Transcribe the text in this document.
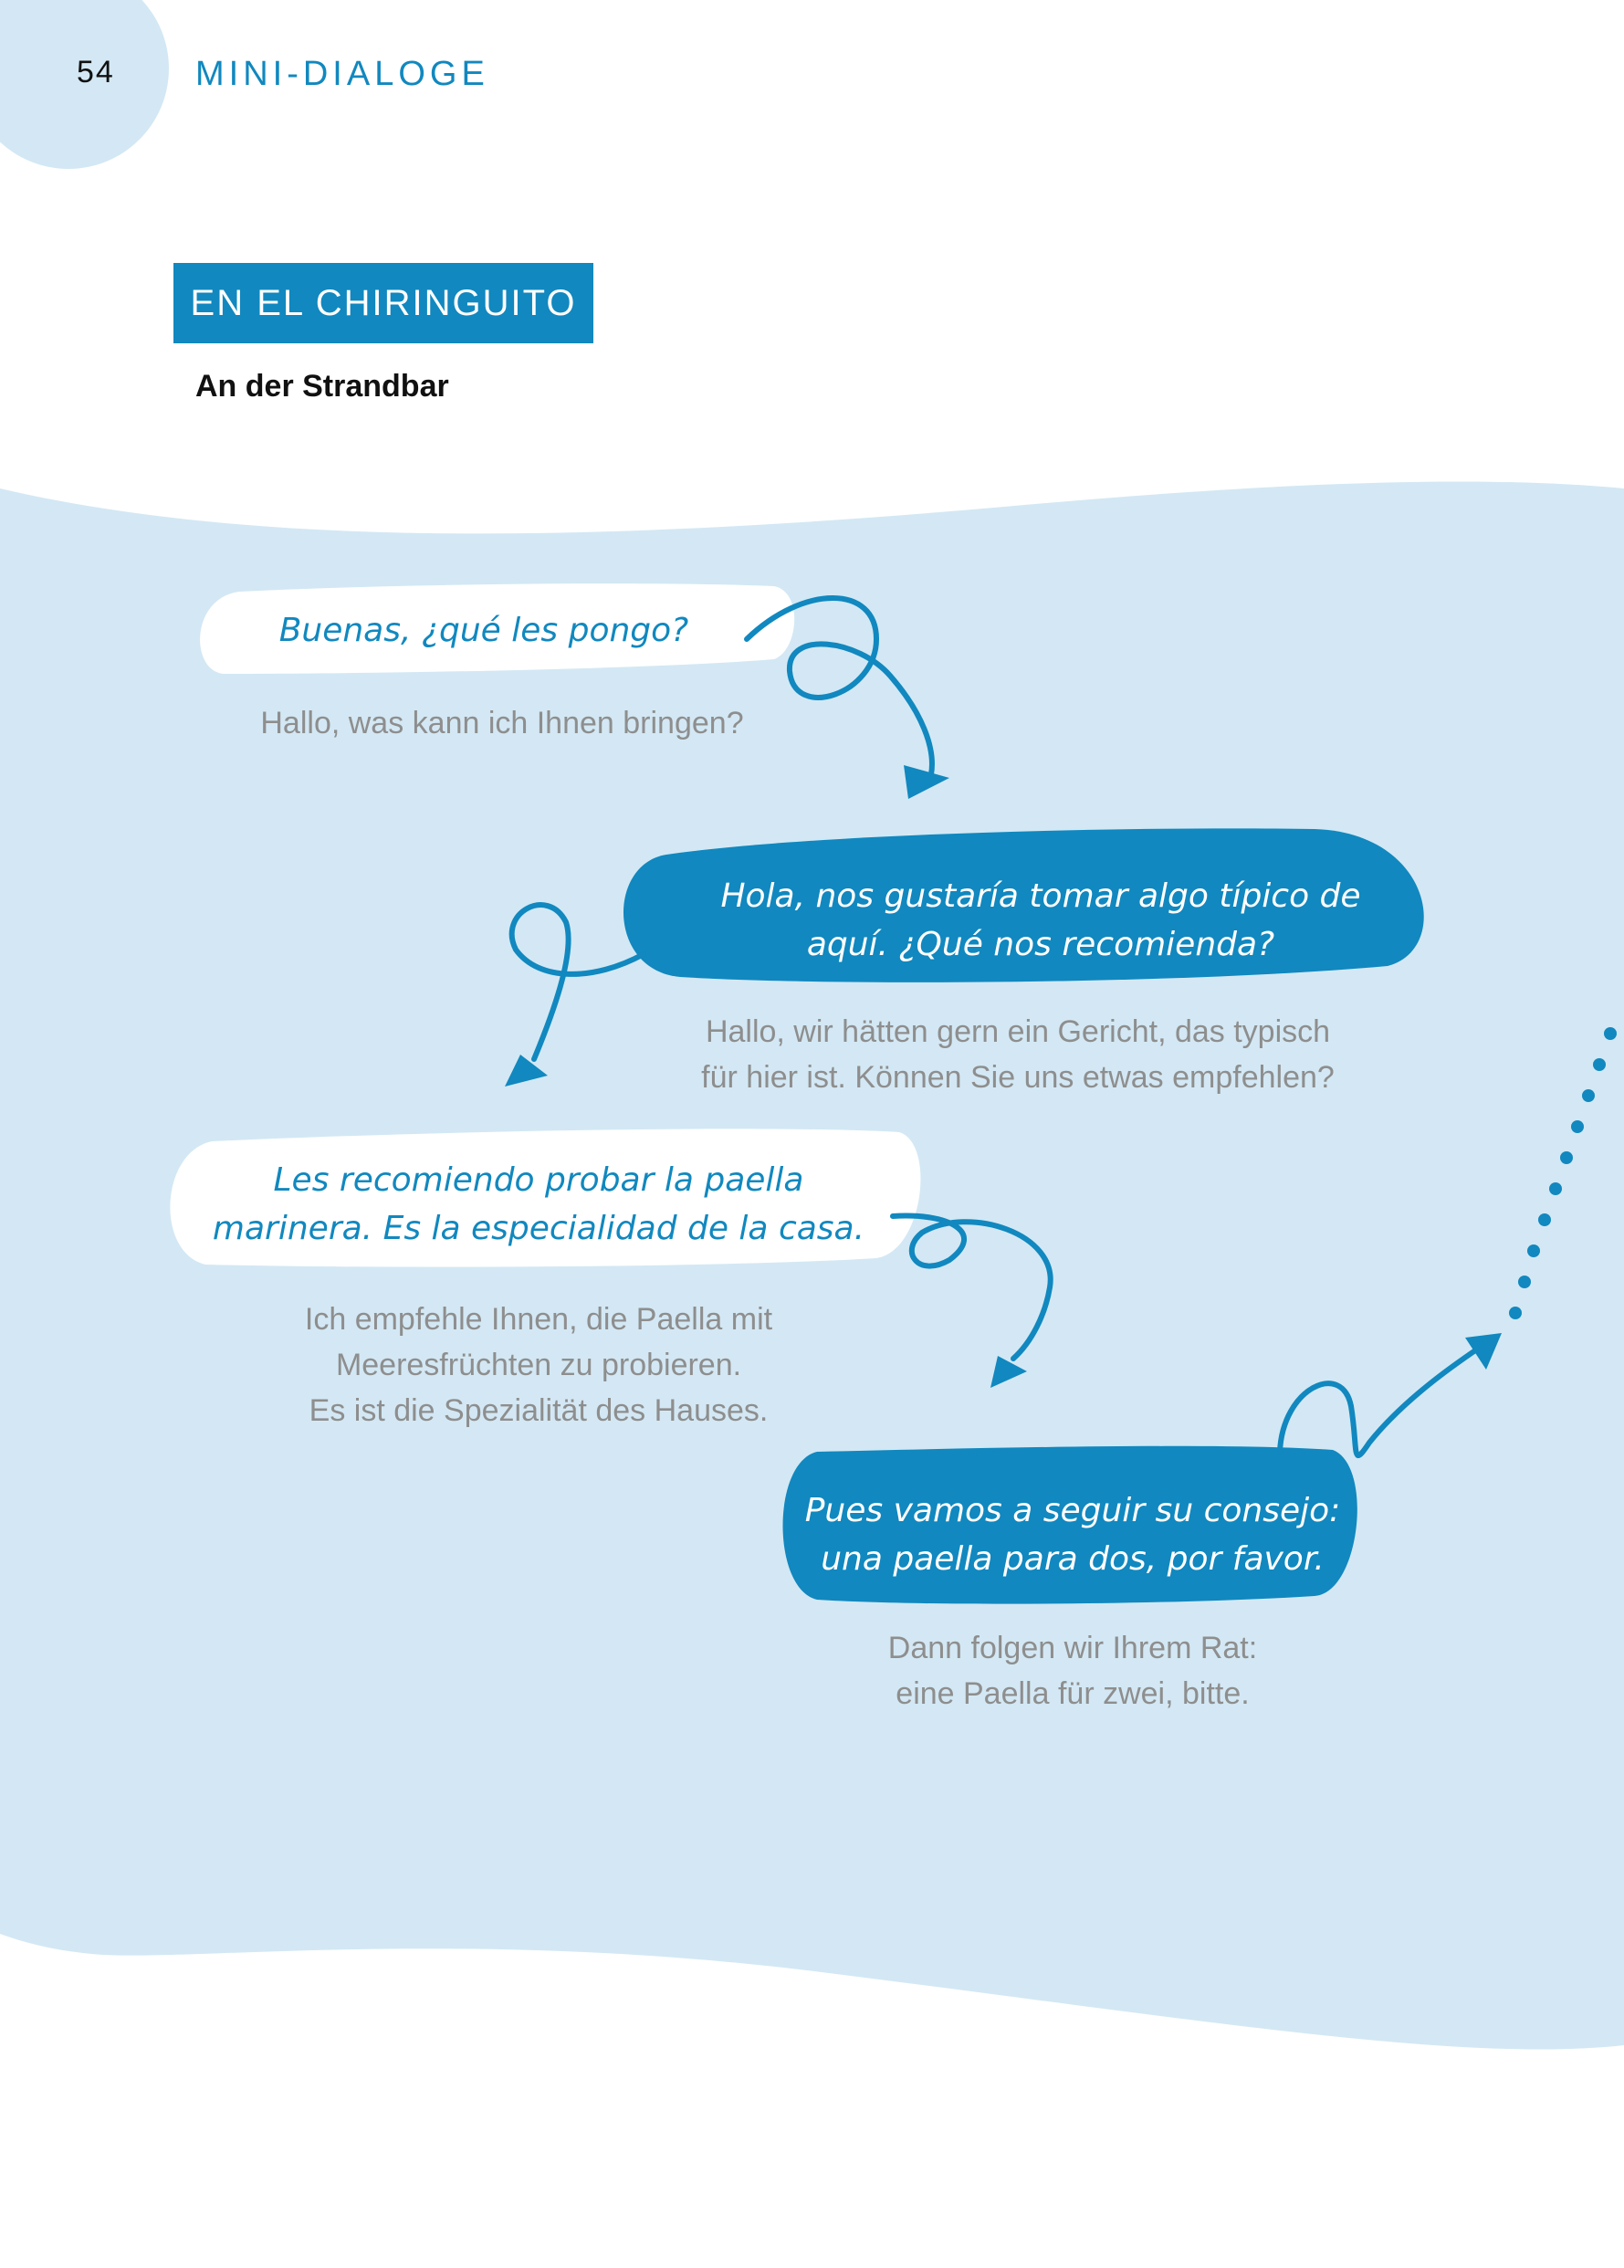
54	MINI-DIALOGE
EN EL CHIRINGUITO
An der Strandbar
Buenas, ¿qué les pongo?
Hallo, was kann ich Ihnen bringen?
Hola, nos gustaría tomar algo típico de
aquí. ¿Qué nos recomienda?
Hallo, wir hätten gern ein Gericht, das typisch
für hier ist. Können Sie uns etwas empfehlen?
Les recomiendo probar la paella
marinera. Es la especialidad de la casa.
Ich empfehle Ihnen, die Paella mit
Meeresfrüchten zu probieren.
Es ist die Spezialität des Hauses.
Pues vamos a seguir su consejo:
una paella para dos, por favor.
Dann folgen wir Ihrem Rat:
eine Paella für zwei, bitte.
